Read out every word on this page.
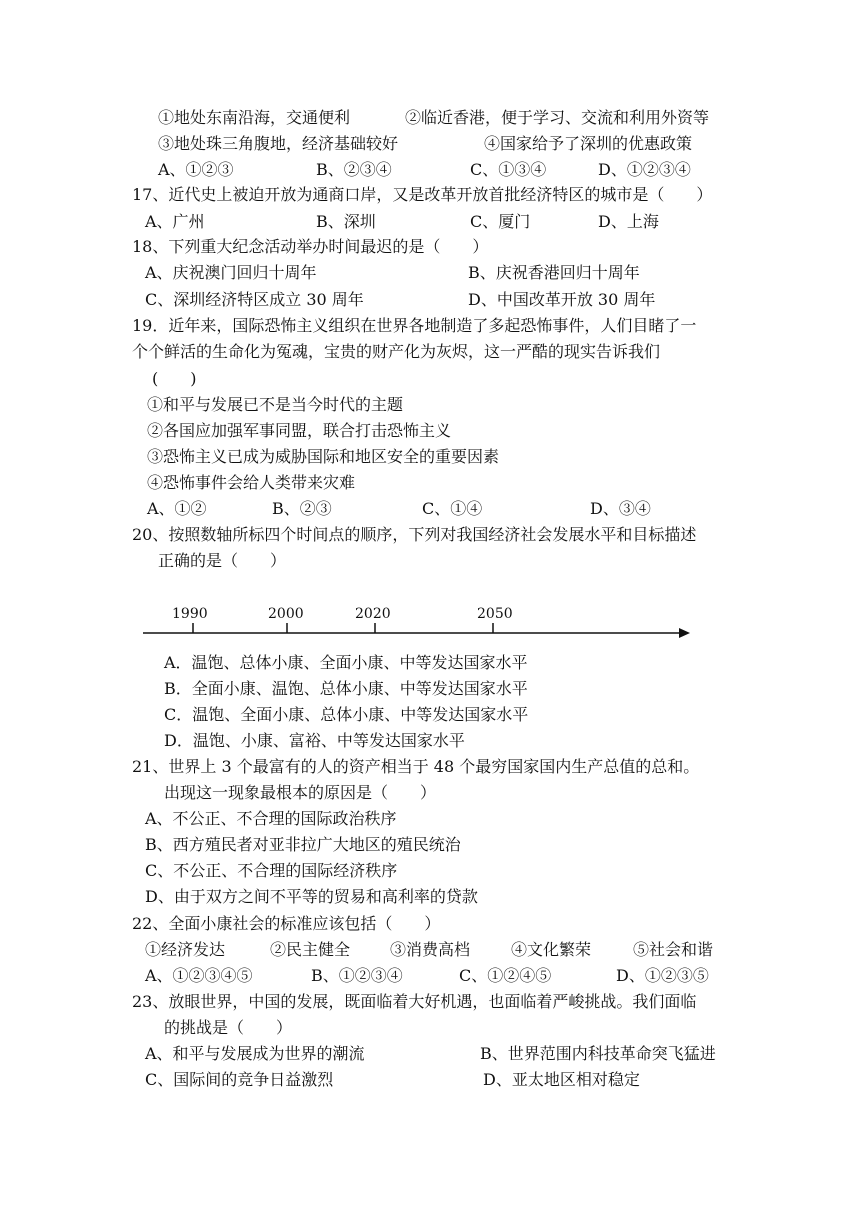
①地处东南沿海，交通便利	②临近香港，便于学习、交流和利用外资等
③地处珠三角腹地，经济基础较好	④国家给予了深圳的优惠政策
A、①②③	B、②③④	C、①③④	D、①②③④
17、近代史上被迫开放为通商口岸，又是改革开放首批经济特区的城市是（　　）
A、广州	B、深圳	C、厦门	D、上海
18、下列重大纪念活动举办时间最迟的是（　　）
A、庆祝澳门回归十周年	B、庆祝香港回归十周年
C、深圳经济特区成立 30 周年	D、中国改革开放 30 周年
19．近年来，国际恐怖主义组织在世界各地制造了多起恐怖事件，人们目睹了一
个个鲜活的生命化为冤魂，宝贵的财产化为灰烬，这一严酷的现实告诉我们
(　　)
①和平与发展已不是当今时代的主题
②各国应加强军事同盟，联合打击恐怖主义
③恐怖主义已成为威胁国际和地区安全的重要因素
④恐怖事件会给人类带来灾难
A、①②	B、②③	C、①④	D、③④
20、按照数轴所标四个时间点的顺序，下列对我国经济社会发展水平和目标描述
正确的是（　　）
1990	2000	2020	2050
A．温饱、总体小康、全面小康、中等发达国家水平
B．全面小康、温饱、总体小康、中等发达国家水平
C．温饱、全面小康、总体小康、中等发达国家水平
D．温饱、小康、富裕、中等发达国家水平
21、世界上 3 个最富有的人的资产相当于 48 个最穷国家国内生产总值的总和。
出现这一现象最根本的原因是（　　）
A、不公正、不合理的国际政治秩序
B、西方殖民者对亚非拉广大地区的殖民统治
C、不公正、不合理的国际经济秩序
D、由于双方之间不平等的贸易和高利率的贷款
22、全面小康社会的标准应该包括（　　）
①经济发达	②民主健全 ③消费高档	④文化繁荣	⑤社会和谐
A、①②③④⑤	B、①②③④	C、①②④⑤	D、①②③⑤
23、放眼世界，中国的发展，既面临着大好机遇，也面临着严峻挑战。我们面临
的挑战是（　　）
A、和平与发展成为世界的潮流	B、世界范围内科技革命突飞猛进
C、国际间的竞争日益激烈	D、亚太地区相对稳定
